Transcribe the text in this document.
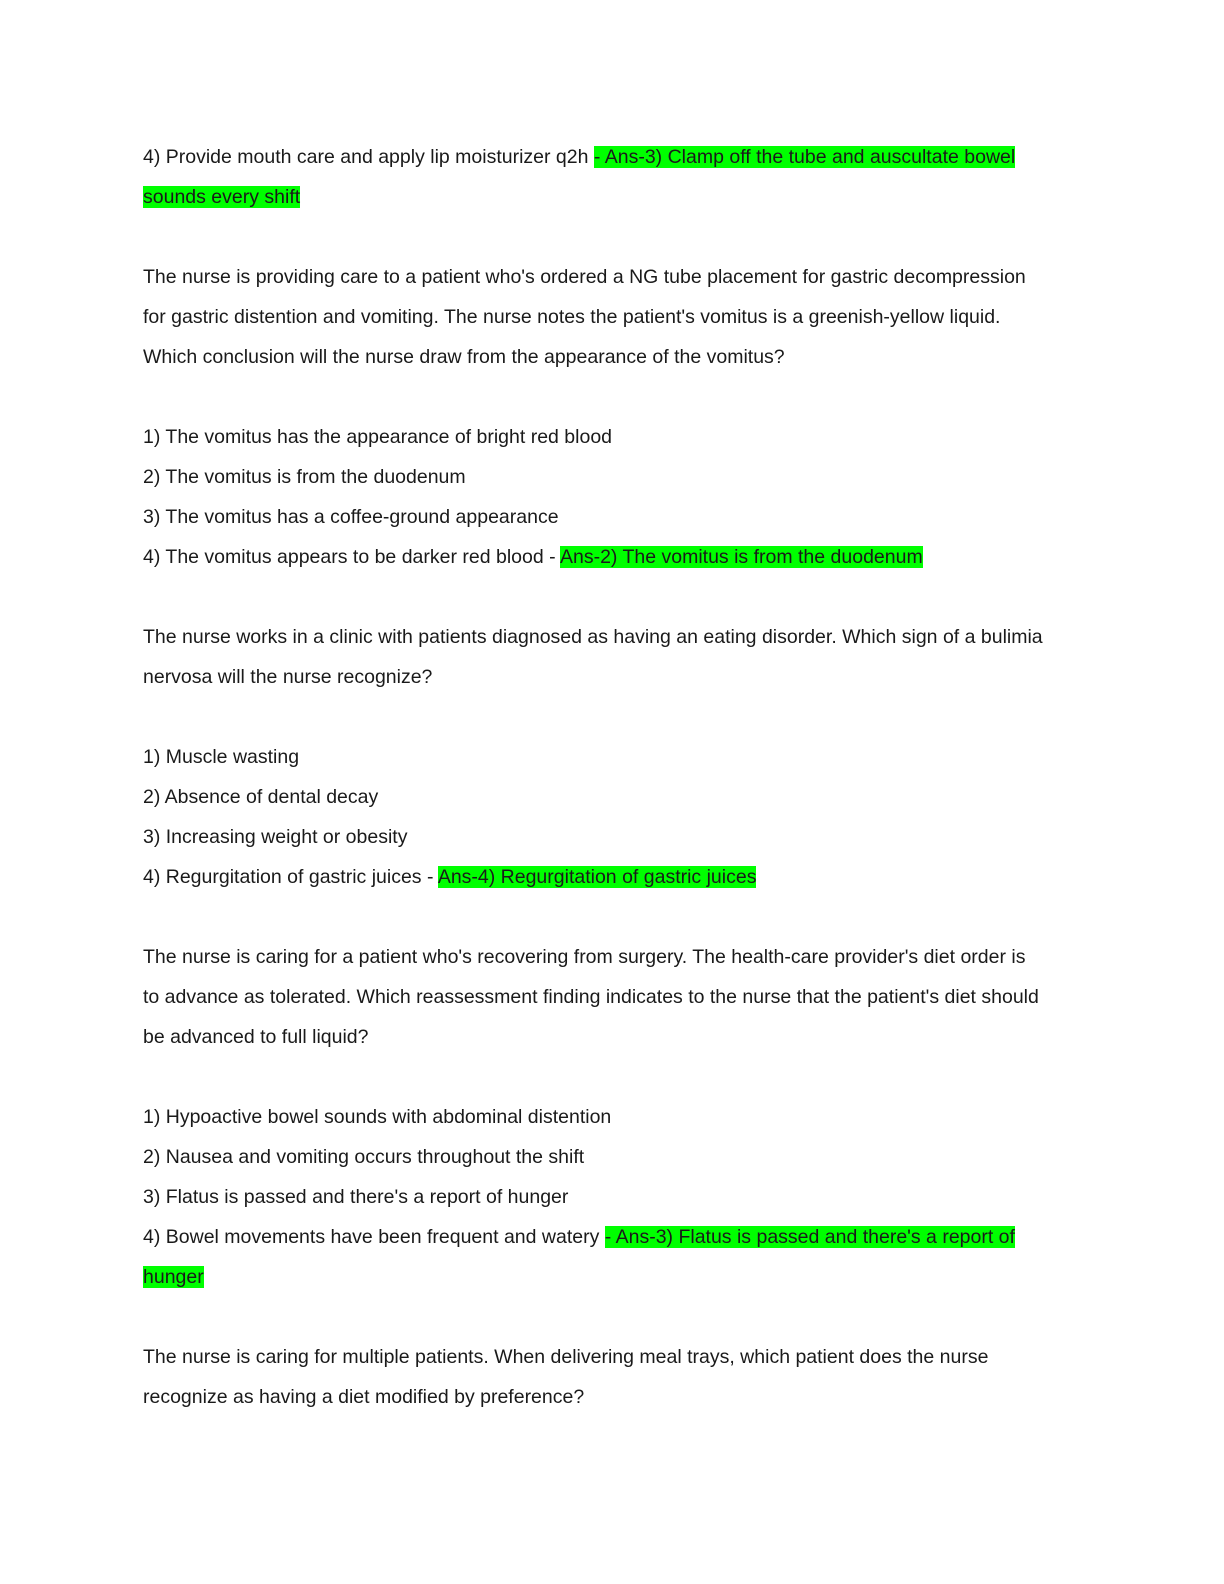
4) Provide mouth care and apply lip moisturizer q2h - Ans-3) Clamp off the tube and auscultate bowel
sounds every shift
The nurse is providing care to a patient who's ordered a NG tube placement for gastric decompression
for gastric distention and vomiting. The nurse notes the patient's vomitus is a greenish-yellow liquid.
Which conclusion will the nurse draw from the appearance of the vomitus?
1) The vomitus has the appearance of bright red blood
2) The vomitus is from the duodenum
3) The vomitus has a coffee-ground appearance
4) The vomitus appears to be darker red blood - Ans-2) The vomitus is from the duodenum
The nurse works in a clinic with patients diagnosed as having an eating disorder. Which sign of a bulimia
nervosa will the nurse recognize?
1) Muscle wasting
2) Absence of dental decay
3) Increasing weight or obesity
4) Regurgitation of gastric juices - Ans-4) Regurgitation of gastric juices
The nurse is caring for a patient who's recovering from surgery. The health-care provider's diet order is
to advance as tolerated. Which reassessment finding indicates to the nurse that the patient's diet should
be advanced to full liquid?
1) Hypoactive bowel sounds with abdominal distention
2) Nausea and vomiting occurs throughout the shift
3) Flatus is passed and there's a report of hunger
4) Bowel movements have been frequent and watery - Ans-3) Flatus is passed and there's a report of
hunger
The nurse is caring for multiple patients. When delivering meal trays, which patient does the nurse
recognize as having a diet modified by preference?
